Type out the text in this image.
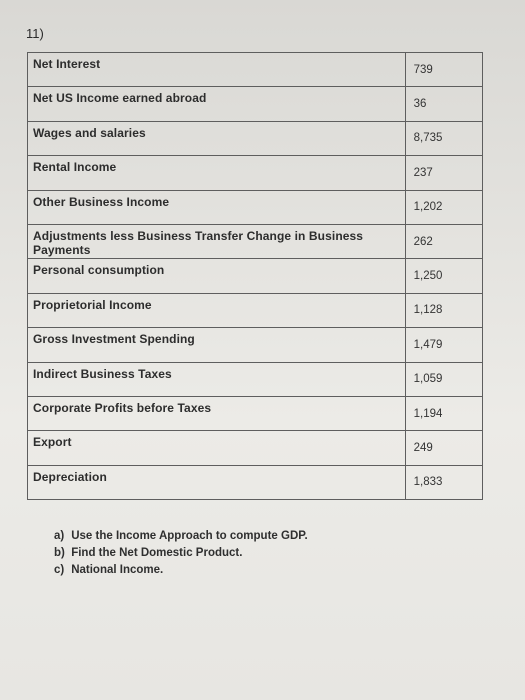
11)
Net Interest	739
Net US Income earned abroad	36
Wages and salaries	8,735
Rental Income	237
Other Business Income	1,202
Adjustments less Business Transfer Change in Business Payments	262
Personal consumption	1,250
Proprietorial Income	1,128
Gross Investment Spending	1,479
Indirect Business Taxes	1,059
Corporate Profits before Taxes	1,194
Export	249
Depreciation	1,833
a) Use the Income Approach to compute GDP.
b) Find the Net Domestic Product.
c) National Income.
